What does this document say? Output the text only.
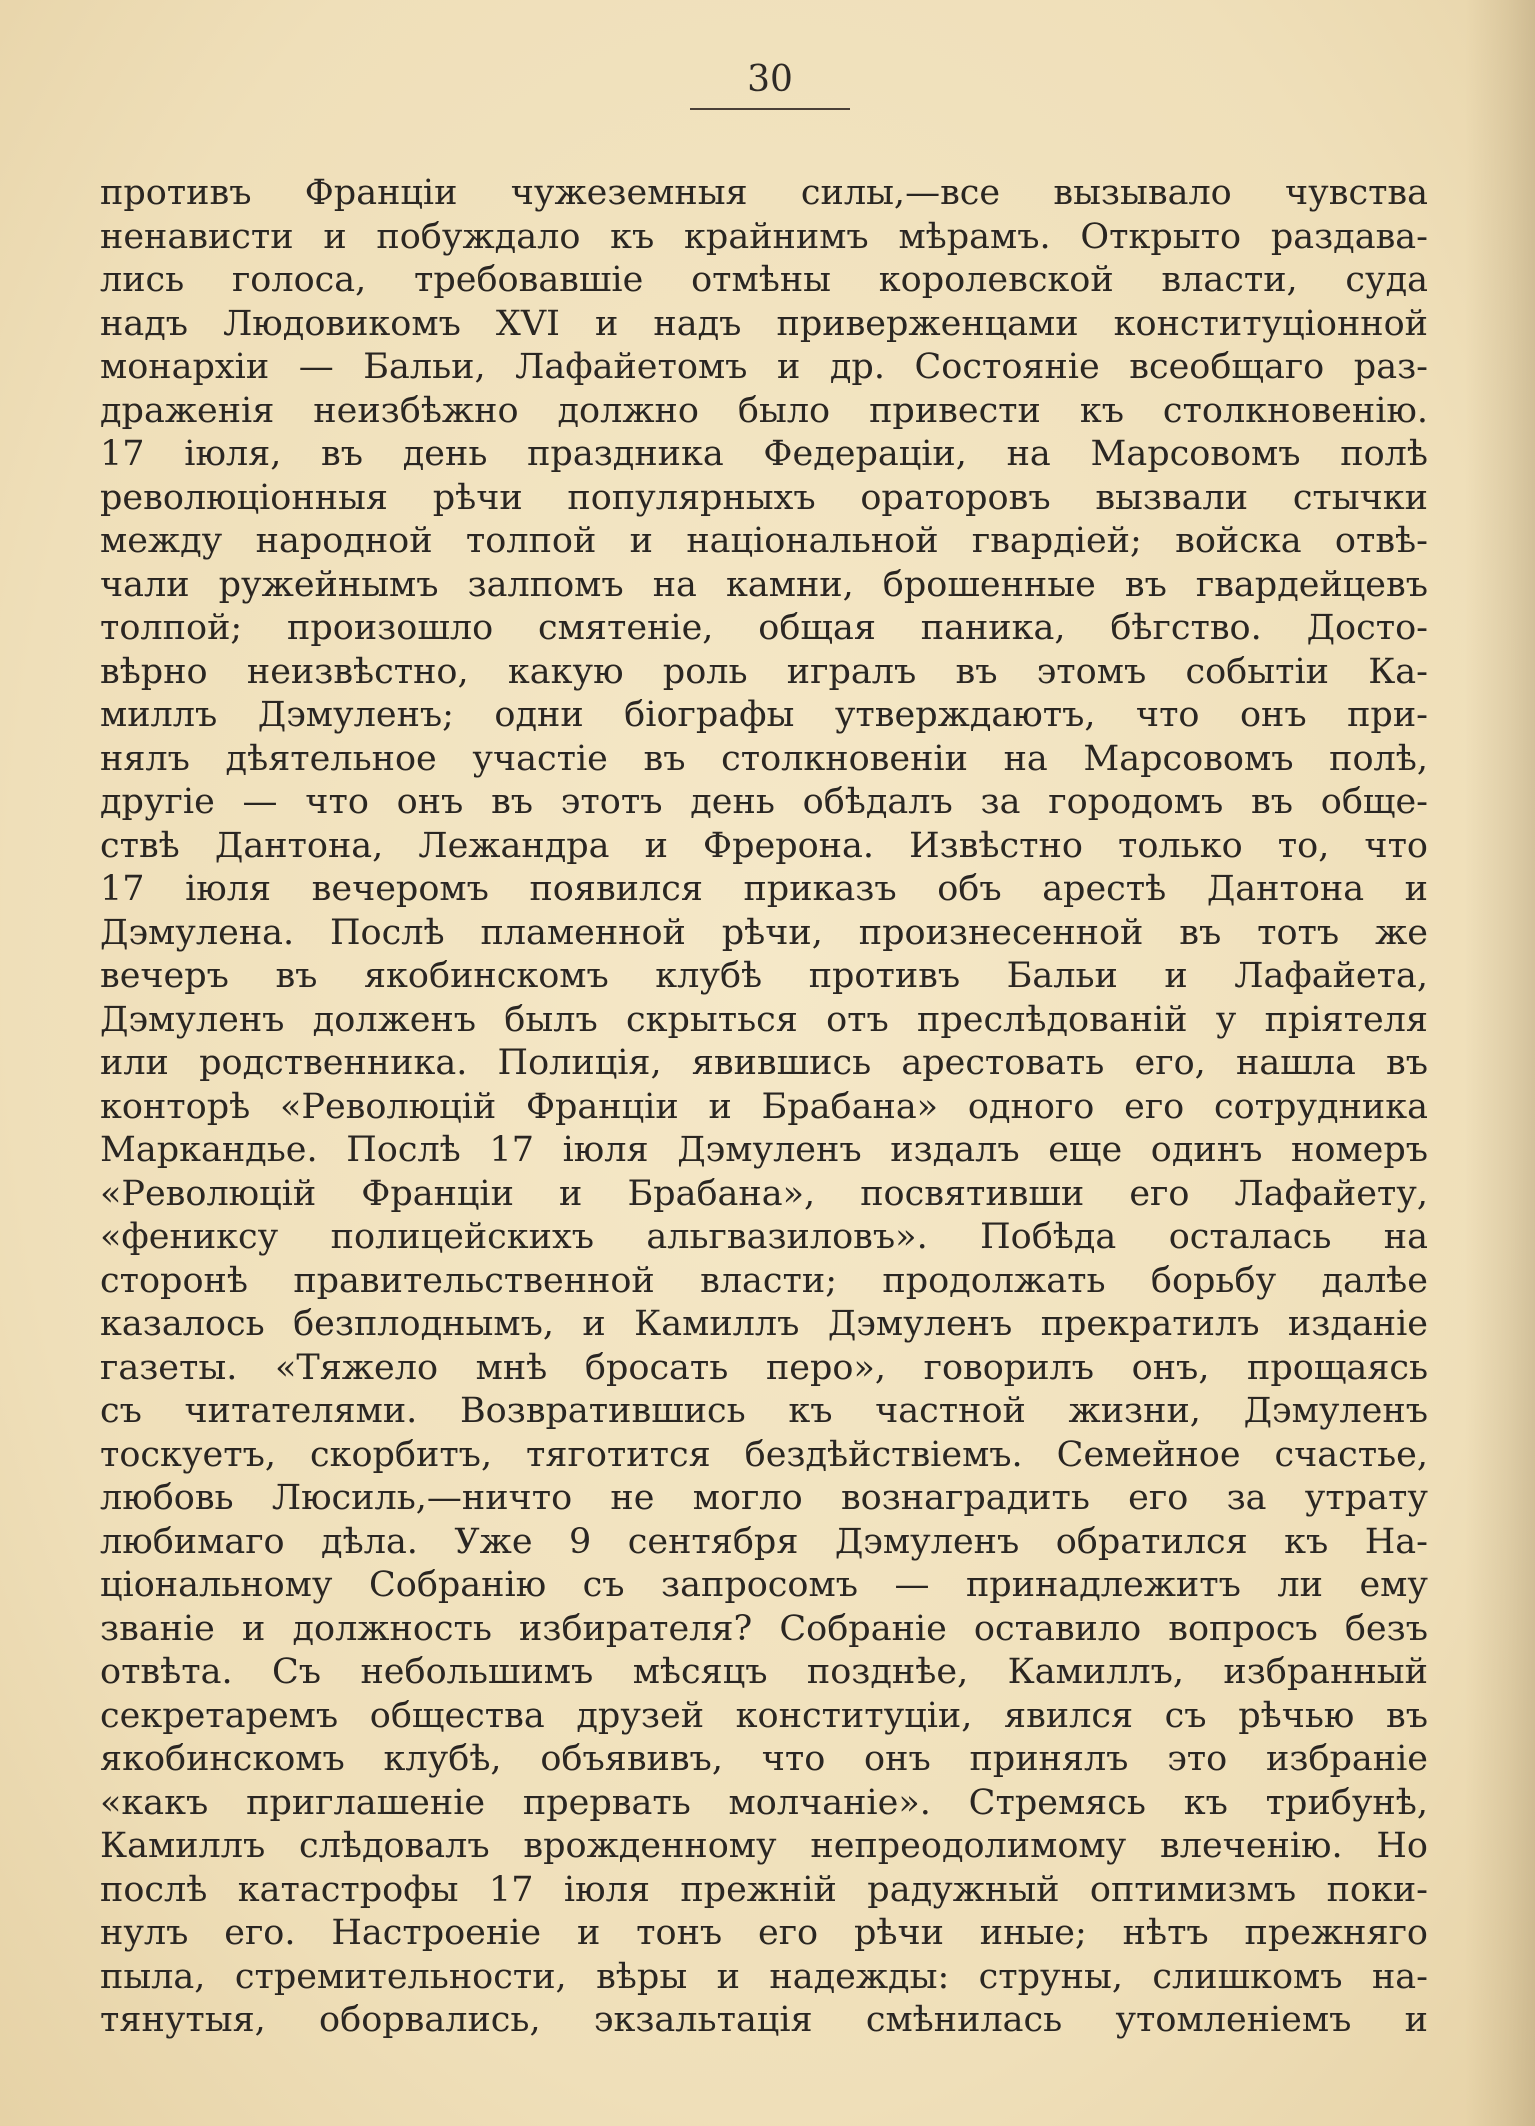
30
противъ Франціи чужеземныя силы,—все вызывало чувства
ненависти и побуждало къ крайнимъ мѣрамъ. Открыто раздава-
лись голоса, требовавшіе отмѣны королевской власти, суда
надъ Людовикомъ XVI и надъ приверженцами конституціонной
монархіи — Бальи, Лафайетомъ и др. Состояніе всеобщаго раз-
драженія неизбѣжно должно было привести къ столкновенію.
17 іюля, въ день праздника Федераціи, на Марсовомъ полѣ
революціонныя рѣчи популярныхъ ораторовъ вызвали стычки
между народной толпой и національной гвардіей; войска отвѣ-
чали ружейнымъ залпомъ на камни, брошенные въ гвардейцевъ
толпой; произошло смятеніе, общая паника, бѣгство. Досто-
вѣрно неизвѣстно, какую роль игралъ въ этомъ событіи Ка-
миллъ Дэмуленъ; одни біографы утверждаютъ, что онъ при-
нялъ дѣятельное участіе въ столкновеніи на Марсовомъ полѣ,
другіе — что онъ въ этотъ день обѣдалъ за городомъ въ обще-
ствѣ Дантона, Лежандра и Фрерона. Извѣстно только то, что
17 іюля вечеромъ появился приказъ объ арестѣ Дантона и
Дэмулена. Послѣ пламенной рѣчи, произнесенной въ тотъ же
вечеръ въ якобинскомъ клубѣ противъ Бальи и Лафайета,
Дэмуленъ долженъ былъ скрыться отъ преслѣдованій у пріятеля
или родственника. Полиція, явившись арестовать его, нашла въ
конторѣ «Революцій Франціи и Брабана» одного его сотрудника
Маркандье. Послѣ 17 іюля Дэмуленъ издалъ еще одинъ номеръ
«Революцій Франціи и Брабана», посвятивши его Лафайету,
«фениксу полицейскихъ альгвазиловъ». Побѣда осталась на
сторонѣ правительственной власти; продолжать борьбу далѣе
казалось безплоднымъ, и Камиллъ Дэмуленъ прекратилъ изданіе
газеты. «Тяжело мнѣ бросать перо», говорилъ онъ, прощаясь
съ читателями. Возвратившись къ частной жизни, Дэмуленъ
тоскуетъ, скорбитъ, тяготится бездѣйствіемъ. Семейное счастье,
любовь Люсиль,—ничто не могло вознаградить его за утрату
любимаго дѣла. Уже 9 сентября Дэмуленъ обратился къ На-
ціональному Собранію съ запросомъ — принадлежитъ ли ему
званіе и должность избирателя? Собраніе оставило вопросъ безъ
отвѣта. Съ небольшимъ мѣсяцъ позднѣе, Камиллъ, избранный
секретаремъ общества друзей конституціи, явился съ рѣчью въ
якобинскомъ клубѣ, объявивъ, что онъ принялъ это избраніе
«какъ приглашеніе прервать молчаніе». Стремясь къ трибунѣ,
Камиллъ слѣдовалъ врожденному непреодолимому влеченію. Но
послѣ катастрофы 17 іюля прежній радужный оптимизмъ поки-
нулъ его. Настроеніе и тонъ его рѣчи иные; нѣтъ прежняго
пыла, стремительности, вѣры и надежды: струны, слишкомъ на-
тянутыя, оборвались, экзальтація смѣнилась утомленіемъ и
